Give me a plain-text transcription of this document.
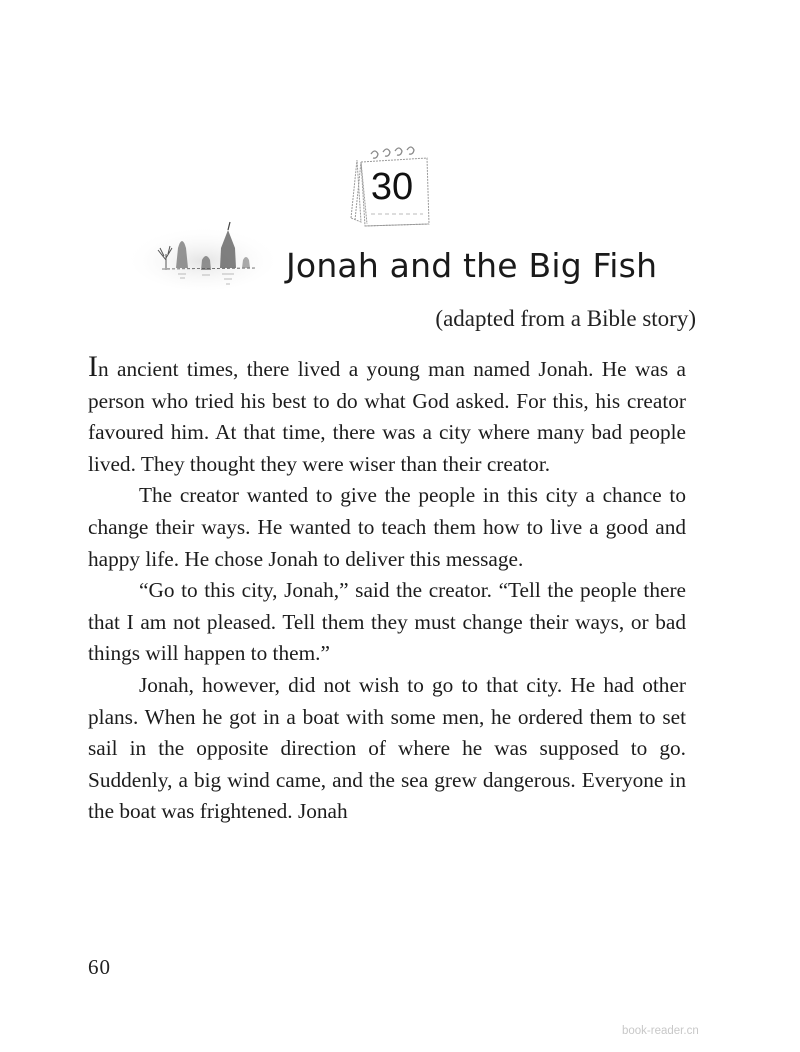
30
Jonah and the Big Fish
(adapted from a Bible story)

In ancient times, there lived a young man named Jonah. He was a person who tried his best to do what God asked. For this, his creator favoured him. At that time, there was a city where many bad people lived. They thought they were wiser than their creator.

The creator wanted to give the people in this city a chance to change their ways. He wanted to teach them how to live a good and happy life. He chose Jonah to deliver this message.

“Go to this city, Jonah,” said the creator. “Tell the people there that I am not pleased. Tell them they must change their ways, or bad things will happen to them.”

Jonah, however, did not wish to go to that city. He had other plans. When he got in a boat with some men, he ordered them to set sail in the opposite direction of where he was supposed to go. Suddenly, a big wind came, and the sea grew dangerous. Everyone in the boat was frightened. Jonah

60
book-reader.cn
